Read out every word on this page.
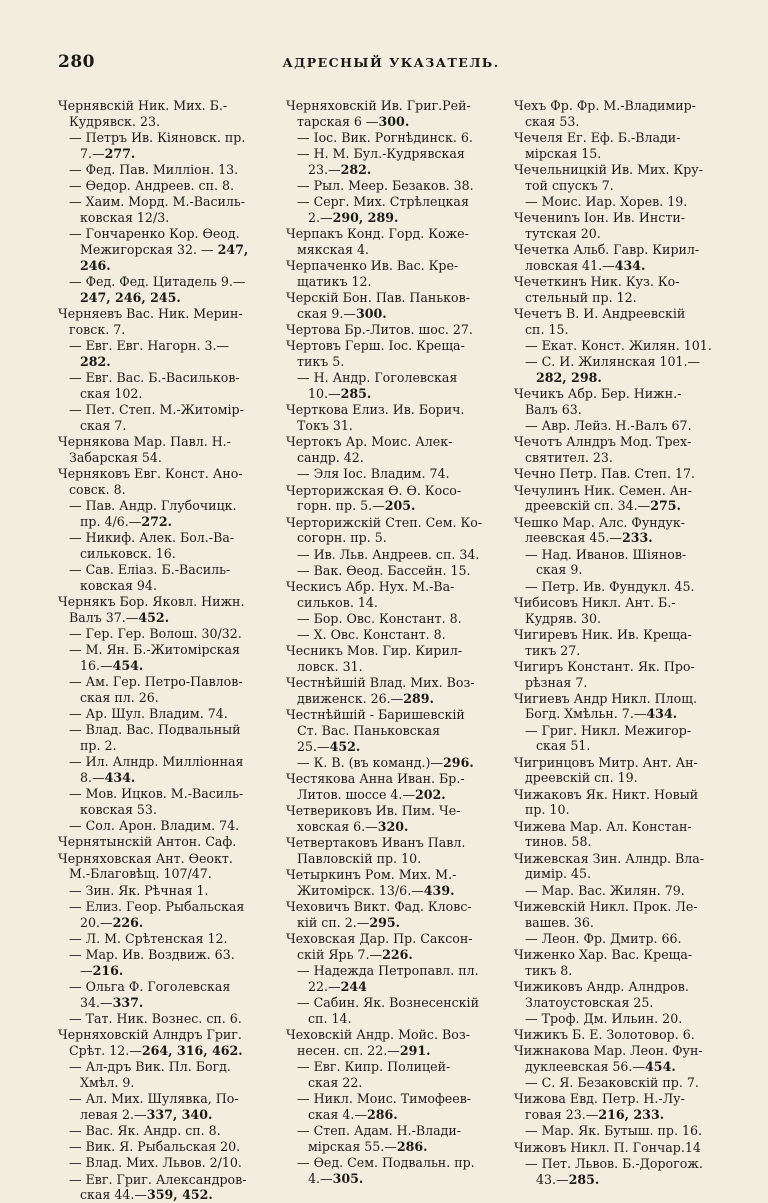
280	АДРЕСНЫЙ УКАЗАТЕЛЬ.
Чернявскій Ник. Мих. Б.-
Кудрявск. 23.
— Петръ Ив. Кіяновск. пр.
7.—277.
— Фед. Пав. Милліон. 13.
— Өедор. Андреев. сп. 8.
— Хаим. Морд. М.-Василь-
ковская 12/3.
— Гончаренко Кор. Өеод.
Межигорская 32. — 247,
246.
— Фед. Фед. Цитадель 9.—
247, 246, 245.
Черняевъ Вас. Ник. Мерин-
говск. 7.
— Евг. Евг. Нагорн. 3.—
282.
— Евг. Вас. Б.-Васильков-
ская 102.
— Пет. Степ. М.-Житомір-
ская 7.
Чернякова Мар. Павл. Н.-
Забарская 54.
Черняковъ Евг. Конст. Ано-
совск. 8.
— Пав. Андр. Глубочицк.
пр. 4/6.—272.
— Никиф. Алек. Бол.-Ва-
сильковск. 16.
— Сав. Еліаз. Б.-Василь-
ковская 94.
Чернякъ Бор. Яковл. Нижн.
Валъ 37.—452.
— Гер. Гер. Волош. 30/32.
— М. Ян. Б.-Житомірская
16.—454.
— Ам. Гер. Петро-Павлов-
ская пл. 26.
— Ар. Шул. Владим. 74.
— Влад. Вас. Подвальный
пр. 2.
— Ил. Алндр. Милліонная
8.—434.
— Мов. Ицков. М.-Василь-
ковская 53.
— Сол. Арон. Владим. 74.
Чернятынскій Антон. Саф.
Черняховская Ант. Өеокт.
М.-Благовѣщ. 107/47.
— Зин. Як. Рѣчная 1.
— Елиз. Геор. Рыбальская
20.—226.
— Л. М. Срѣтенская 12.
— Мар. Ив. Воздвиж. 63.
—216.
— Ольга Ф. Гоголевская
34.—337.
— Тат. Ник. Вознес. сп. 6.
Черняховскій Алндръ Григ.
Срѣт. 12.—264, 316, 462.
— Ал-дръ Вик. Пл. Богд.
Хмѣл. 9.
— Ал. Мих. Шулявка, По-
левая 2.—337, 340.
— Вас. Як. Андр. сп. 8.
— Вик. Я. Рыбальская 20.
— Влад. Мих. Львов. 2/10.
— Евг. Григ. Александров-
ская 44.—359, 452.
Черняховскій Ив. Григ.Рей-
тарская 6 —300.
— Іос. Вик. Рогнѣдинск. 6.
— Н. М. Бул.-Кудрявская
23.—282.
— Рыл. Меер. Безаков. 38.
— Серг. Мих. Стрѣлецкая
2.—290, 289.
Черпакъ Конд. Горд. Коже-
мякская 4.
Черпаченко Ив. Вас. Кре-
щатикъ 12.
Черскій Бон. Пав. Паньков-
ская 9.—300.
Чертова Бр.-Литов. шос. 27.
Чертовъ Герш. Іос. Крещa-
тикъ 5.
— Н. Андр. Гоголевская
10.—285.
Черткова Елиз. Ив. Борич.
Токъ 31.
Чертокъ Ар. Моис. Алек-
сандр. 42.
— Эля Іос. Владим. 74.
Черторижская Ө. Ө. Косо-
горн. пр. 5.—205.
Черторижскій Степ. Сем. Ко-
согорн. пр. 5.
— Ив. Льв. Андреев. сп. 34.
— Вак. Өеод. Бассейн. 15.
Ческисъ Абр. Нух. М.-Ва-
сильков. 14.
— Бор. Овс. Констант. 8.
— Х. Овс. Констант. 8.
Чесникъ Мов. Гир. Кирил-
ловск. 31.
Честнѣйшій Влад. Мих. Воз-
движенск. 26.—289.
Честнѣйшій - Баришевскій
Ст. Вас. Паньковская
25.—452.
— К. В. (въ команд.)—296.
Честякова Анна Иван. Бр.-
Литов. шоссе 4.—202.
Четвериковъ Ив. Пим. Че-
ховская 6.—320.
Четвертаковъ Иванъ Павл.
Павловскій пр. 10.
Четыркинъ Ром. Мих. М.-
Житомірск. 13/6.—439.
Чеховичъ Викт. Фад. Кловс-
кій сп. 2.—295.
Чеховская Дар. Пр. Саксон-
скій Ярь 7.—226.
— Надежда Петропавл. пл.
22.—244
— Сабин. Як. Вознесенскій
сп. 14.
Чеховскій Андр. Мойс. Воз-
несен. сп. 22.—291.
— Евг. Кипр. Полицей-
ская 22.
— Никл. Моис. Тимофеев-
ская 4.—286.
— Степ. Адам. Н.-Влади-
мірская 55.—286.
— Өед. Сем. Подвальн. пр.
4.—305.
Чехъ Фр. Фр. М.-Владимир-
ская 53.
Чечеля Ег. Еф. Б.-Влади-
мірская 15.
Чечельницкій Ив. Мих. Кру-
той спускъ 7.
— Моис. Иар. Хорев. 19.
Чечениnъ Іон. Ив. Инсти-
тутская 20.
Чечетка Альб. Гавр. Кирил-
ловская 41.—434.
Чечеткинъ Ник. Куз. Ко-
стельный пр. 12.
Чечетъ В. И. Андреевскій
сп. 15.
— Екат. Конст. Жилян. 101.
— С. И. Жилянская 101.—
282, 298.
Чечикъ Абр. Бер. Нижн.-
Валъ 63.
— Авр. Лейз. Н.-Валъ 67.
Чечотъ Алндръ Мод. Трех-
святител. 23.
Чечно Петр. Пав. Степ. 17.
Чечулинъ Ник. Семен. Ан-
дреевскій сп. 34.—275.
Чешко Мар. Алс. Фундук-
леевская 45.—233.
— Над. Иванов. Шіянов-
ская 9.
— Петр. Ив. Фундукл. 45.
Чибисовъ Никл. Ант. Б.-
Кудряв. 30.
Чигиревъ Ник. Ив. Крещa-
тикъ 27.
Чигиръ Констант. Як. Про-
рѣзная 7.
Чигиевъ Андр Никл. Площ.
Богд. Хмѣльн. 7.—434.
— Григ. Никл. Межигор-
ская 51.
Чигринцовъ Митр. Ант. Ан-
дреевскій сп. 19.
Чижаковъ Як. Никт. Новый
пр. 10.
Чижева Мар. Ал. Констан-
тинов. 58.
Чижевская Зин. Алндр. Вла-
димір. 45.
— Мар. Вас. Жилян. 79.
Чижевскій Никл. Прок. Ле-
вашев. 36.
— Леон. Фр. Дмитр. 66.
Чиженко Хар. Вас. Крещa-
тикъ 8.
Чижиковъ Андр. Алндров.
Златоустовская 25.
— Троф. Дм. Ильин. 20.
Чижикъ Б. Е. Золотовор. 6.
Чижнакова Мар. Леон. Фун-
дуклеевская 56.—454.
— С. Я. Безаковскій пр. 7.
Чижова Евд. Петр. Н.-Лу-
говая 23.—216, 233.
— Мар. Як. Бутыш. пр. 16.
Чижовъ Никл. П. Гончар.14
— Пет. Львов. Б.-Дорогож.
43.—285.
